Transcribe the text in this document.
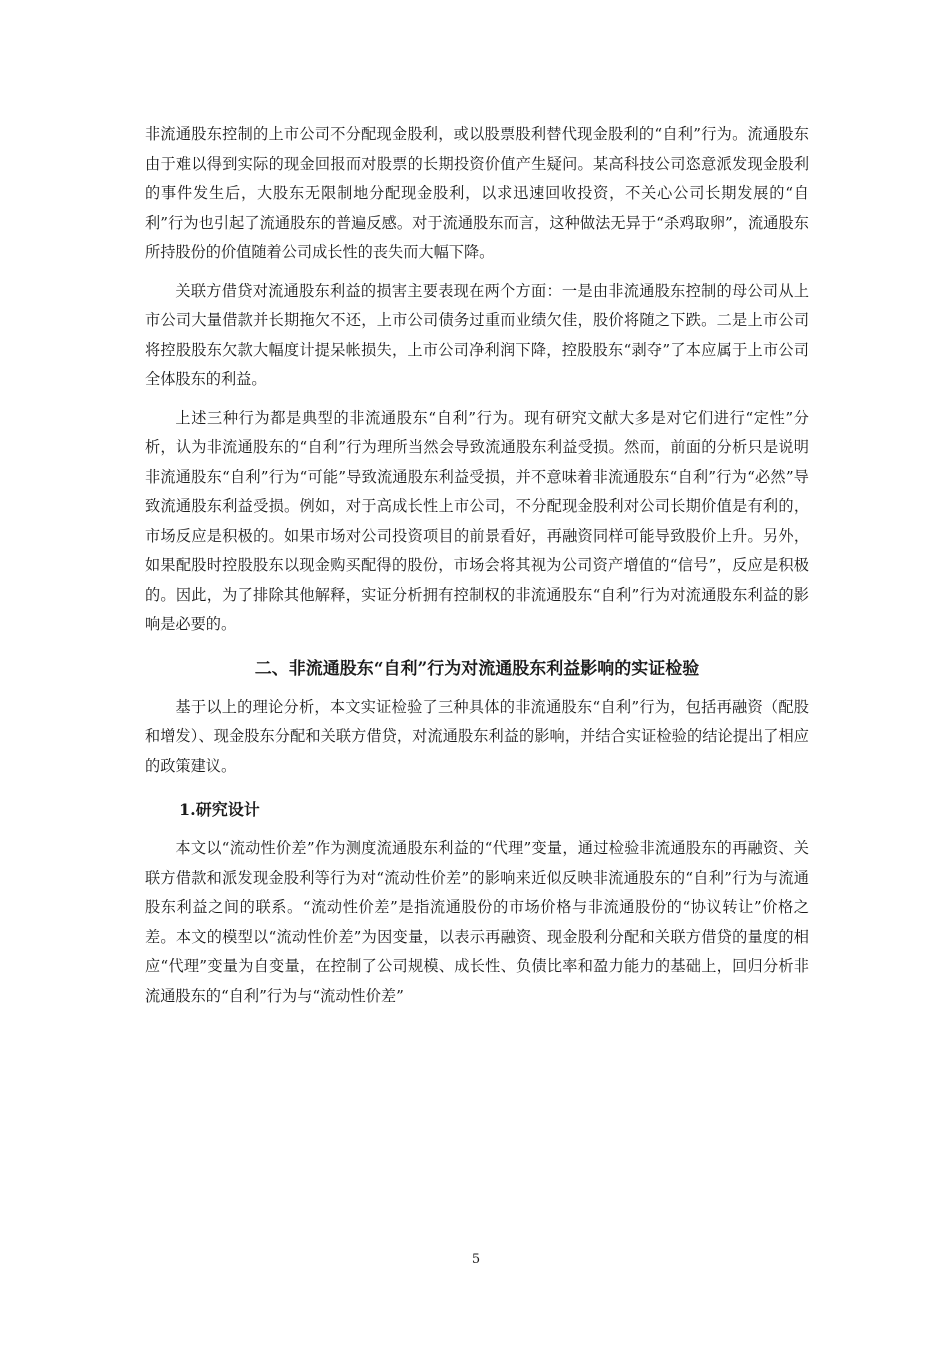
非流通股东控制的上市公司不分配现金股利，或以股票股利替代现金股利的“自利”行为。流通股东由于难以得到实际的现金回报而对股票的长期投资价值产生疑问。某高科技公司恣意派发现金股利的事件发生后，大股东无限制地分配现金股利，以求迅速回收投资，不关心公司长期发展的“自利”行为也引起了流通股东的普遍反感。对于流通股东而言，这种做法无异于“杀鸡取卵”，流通股东所持股份的价值随着公司成长性的丧失而大幅下降。

关联方借贷对流通股东利益的损害主要表现在两个方面：一是由非流通股东控制的母公司从上市公司大量借款并长期拖欠不还，上市公司债务过重而业绩欠佳，股价将随之下跌。二是上市公司将控股股东欠款大幅度计提呆帐损失，上市公司净利润下降，控股股东“剥夺”了本应属于上市公司全体股东的利益。

上述三种行为都是典型的非流通股东“自利”行为。现有研究文献大多是对它们进行“定性”分析，认为非流通股东的“自利”行为理所当然会导致流通股东利益受损。然而，前面的分析只是说明非流通股东“自利”行为“可能”导致流通股东利益受损，并不意味着非流通股东“自利”行为“必然”导致流通股东利益受损。例如，对于高成长性上市公司，不分配现金股利对公司长期价值是有利的，市场反应是积极的。如果市场对公司投资项目的前景看好，再融资同样可能导致股价上升。另外，如果配股时控股股东以现金购买配得的股份，市场会将其视为公司资产增值的“信号”，反应是积极的。因此，为了排除其他解释，实证分析拥有控制权的非流通股东“自利”行为对流通股东利益的影响是必要的。

二、非流通股东“自利”行为对流通股东利益影响的实证检验

基于以上的理论分析，本文实证检验了三种具体的非流通股东“自利”行为，包括再融资（配股和增发）、现金股东分配和关联方借贷，对流通股东利益的影响，并结合实证检验的结论提出了相应的政策建议。

1.研究设计

本文以“流动性价差”作为测度流通股东利益的“代理”变量，通过检验非流通股东的再融资、关联方借款和派发现金股利等行为对“流动性价差”的影响来近似反映非流通股东的“自利”行为与流通股东利益之间的联系。“流动性价差”是指流通股份的市场价格与非流通股份的“协议转让”价格之差。本文的模型以“流动性价差”为因变量，以表示再融资、现金股利分配和关联方借贷的量度的相应“代理”变量为自变量，在控制了公司规模、成长性、负债比率和盈力能力的基础上，回归分析非流通股东的“自利”行为与“流动性价差”

5
